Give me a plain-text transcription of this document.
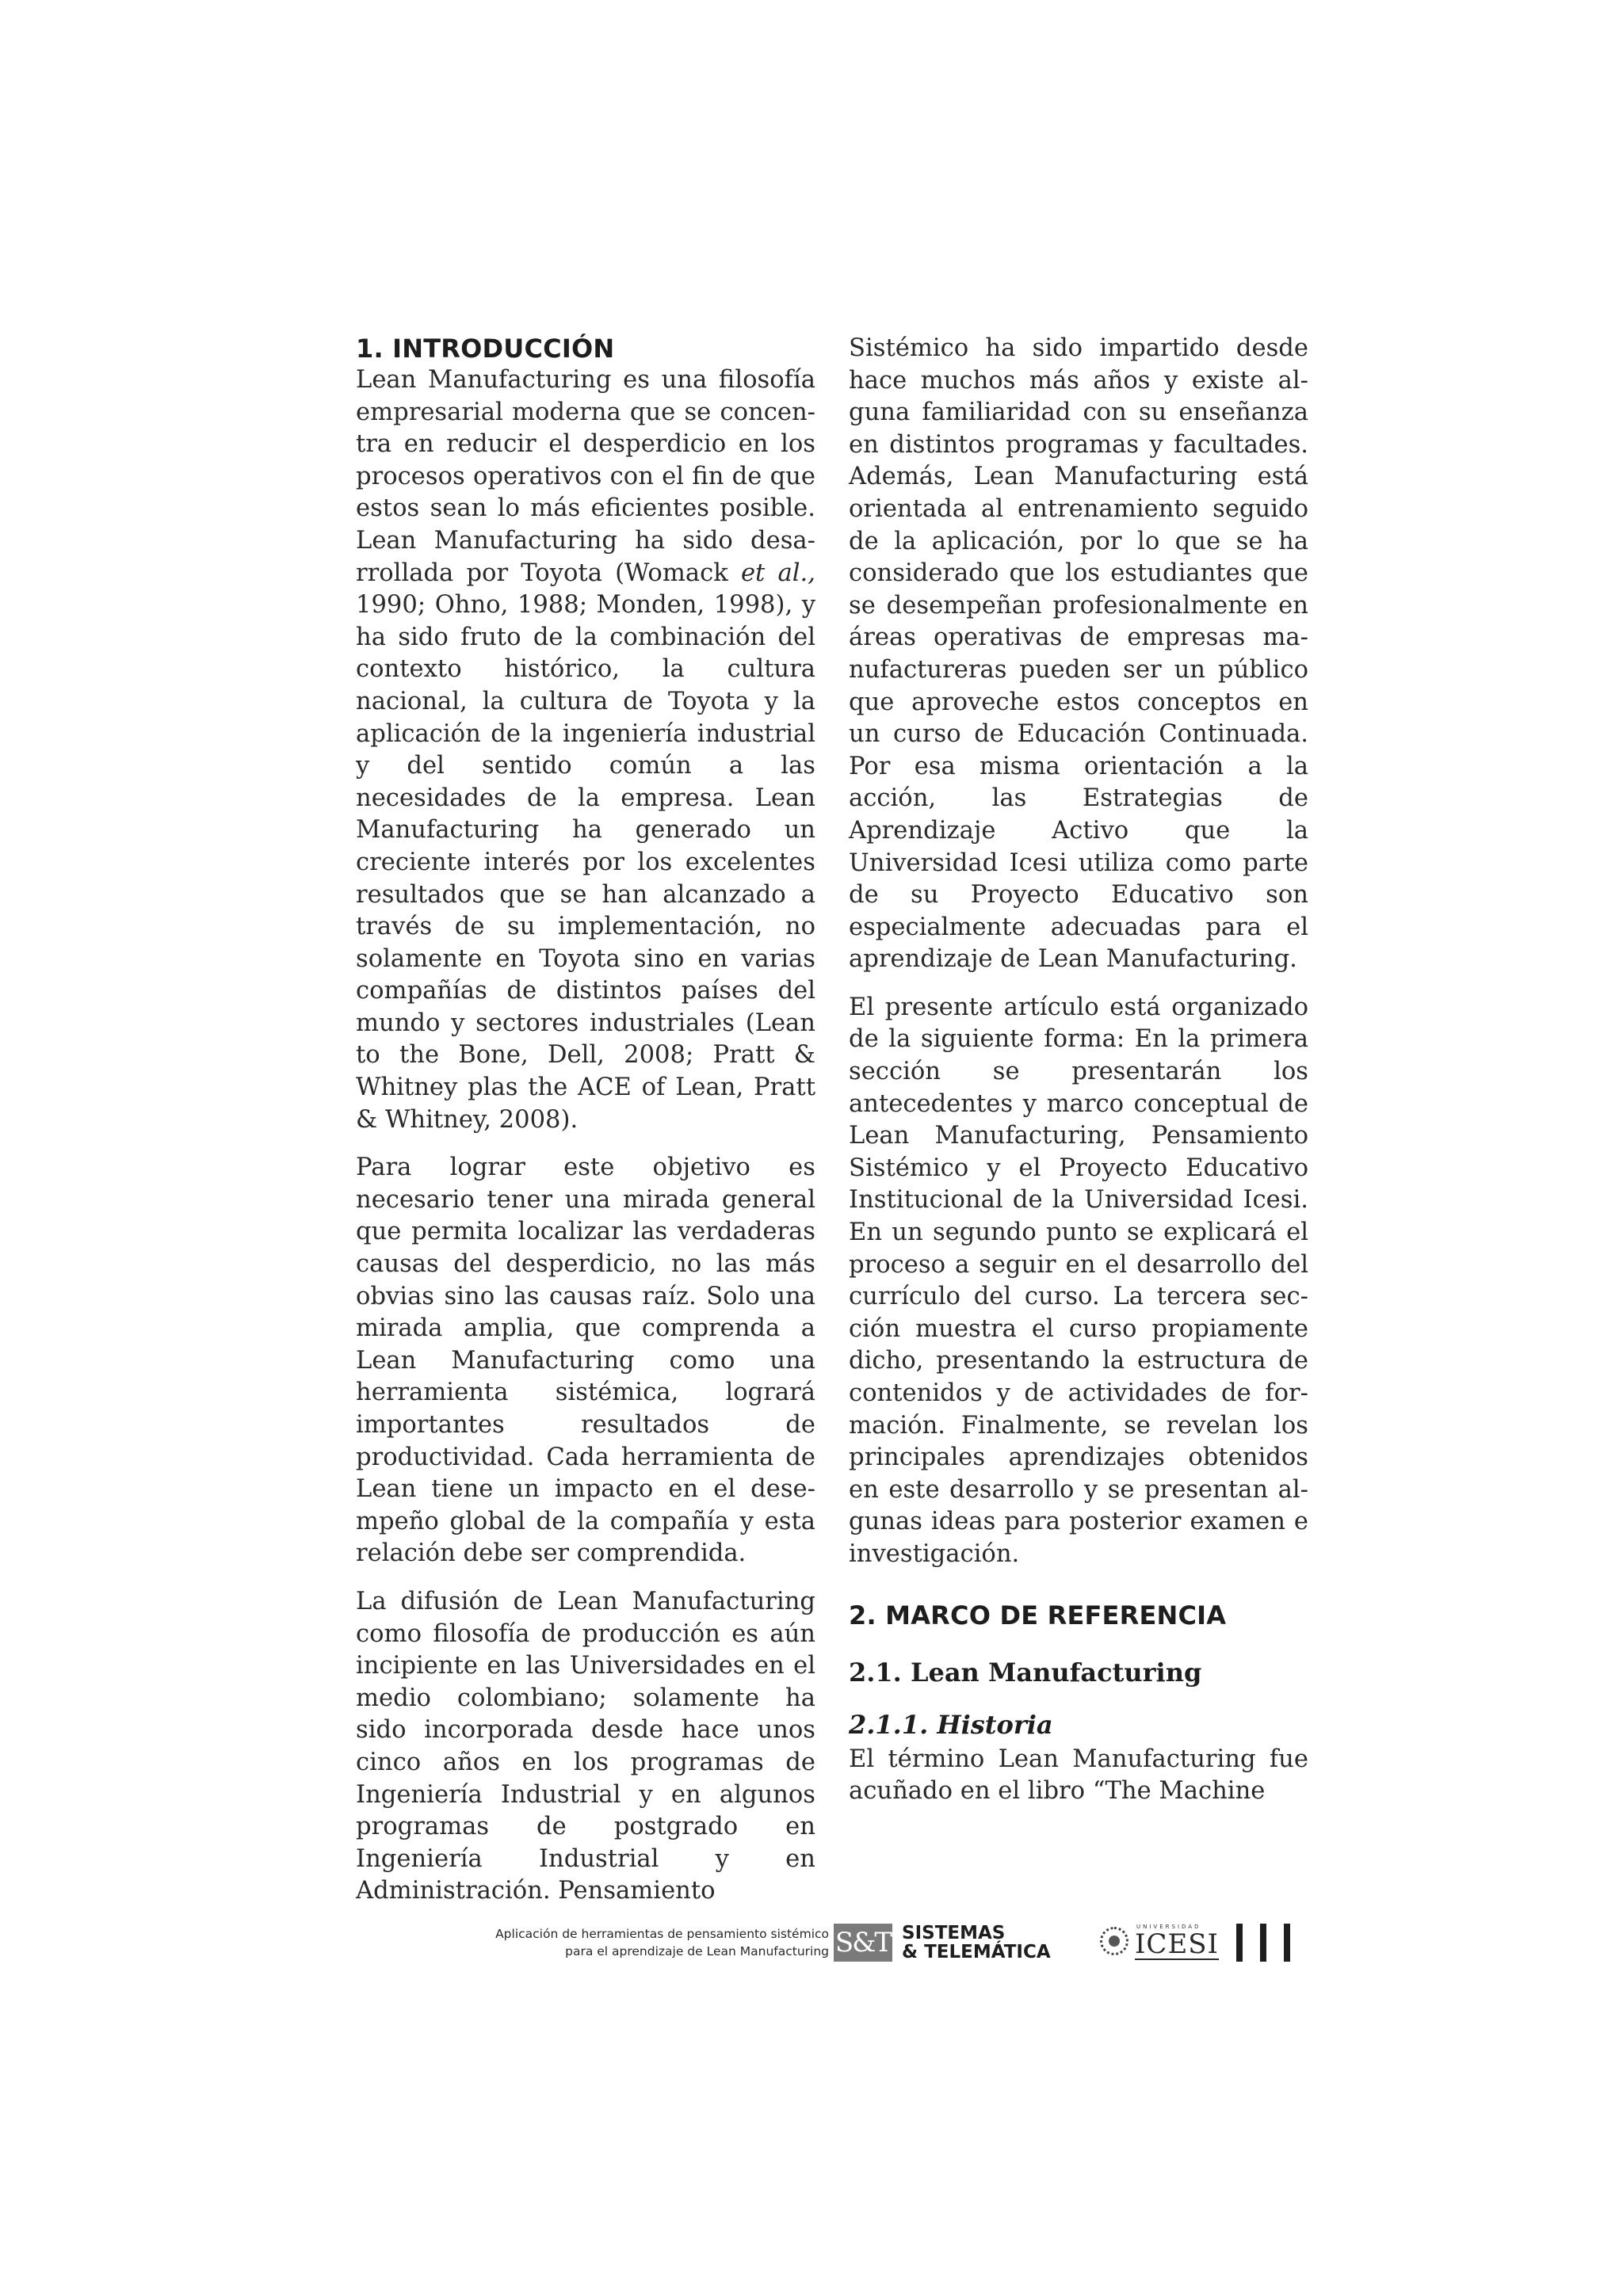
1. INTRODUCCIÓN

Lean Manufacturing es una filosofía empresarial moderna que se concentra en reducir el desperdicio en los procesos operativos con el fin de que estos sean lo más eficientes posible. Lean Manufacturing ha sido desarrollada por Toyota (Womack et al., 1990; Ohno, 1988; Monden, 1998), y ha sido fruto de la combinación del contexto histórico, la cultura nacional, la cultura de Toyota y la aplicación de la ingeniería industrial y del sentido común a las necesidades de la empresa. Lean Manufacturing ha generado un creciente interés por los excelentes resultados que se han alcanzado a través de su implementación, no solamente en Toyota sino en varias compañías de distintos países del mundo y sectores industriales (Lean to the Bone, Dell, 2008; Pratt & Whitney plas the ACE of Lean, Pratt & Whitney, 2008).

Para lograr este objetivo es necesario tener una mirada general que permita localizar las verdaderas causas del desperdicio, no las más obvias sino las causas raíz. Solo una mirada amplia, que comprenda a Lean Manufacturing como una herramienta sistémica, logrará importantes resultados de productividad. Cada herramienta de Lean tiene un impacto en el desempeño global de la compañía y esta relación debe ser comprendida.

La difusión de Lean Manufacturing como filosofía de producción es aún incipiente en las Universidades en el medio colombiano; solamente ha sido incorporada desde hace unos cinco años en los programas de Ingeniería Industrial y en algunos programas de postgrado en Ingeniería Industrial y en Administración. Pensamiento

Sistémico ha sido impartido desde hace muchos más años y existe alguna familiaridad con su enseñanza en distintos programas y facultades. Además, Lean Manufacturing está orientada al entrenamiento seguido de la aplicación, por lo que se ha considerado que los estudiantes que se desempeñan profesionalmente en áreas operativas de empresas manufactureras pueden ser un público que aproveche estos conceptos en un curso de Educación Continuada. Por esa misma orientación a la acción, las Estrategias de Aprendizaje Activo que la Universidad Icesi utiliza como parte de su Proyecto Educativo son especialmente adecuadas para el aprendizaje de Lean Manufacturing.

El presente artículo está organizado de la siguiente forma: En la primera sección se presentarán los antecedentes y marco conceptual de Lean Manufacturing, Pensamiento Sistémico y el Proyecto Educativo Institucional de la Universidad Icesi. En un segundo punto se explicará el proceso a seguir en el desarrollo del currículo del curso. La tercera sección muestra el curso propiamente dicho, presentando la estructura de contenidos y de actividades de formación. Finalmente, se revelan los principales aprendizajes obtenidos en este desarrollo y se presentan algunas ideas para posterior examen e investigación.

2. MARCO DE REFERENCIA
2.1. Lean Manufacturing
2.1.1. Historia

El término Lean Manufacturing fue acuñado en el libro “The Machine

Aplicación de herramientas de pensamiento sistémico
para el aprendizaje de Lean Manufacturing S&T SISTEMAS
& TELEMÁTICA
UNIVERSIDAD
ICESI
